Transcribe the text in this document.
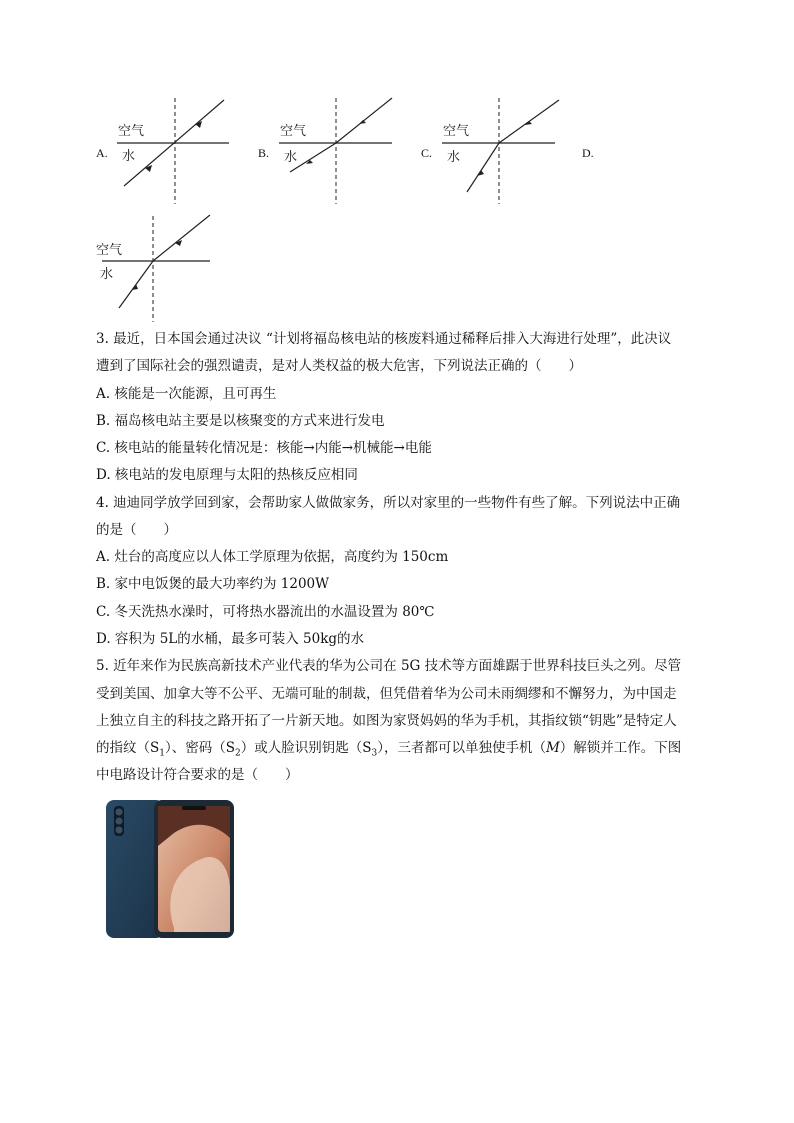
A.
空气
水	B.
空气
水	C.
空气
水	D.
空气
水
3. 最近，日本国会通过决议 “计划将福岛核电站的核废料通过稀释后排入大海进行处理”，此决议
遭到了国际社会的强烈谴责，是对人类权益的极大危害，下列说法正确的（　　）
A. 核能是一次能源，且可再生
B. 福岛核电站主要是以核聚变的方式来进行发电
C. 核电站的能量转化情况是：核能→内能→机械能→电能
D. 核电站的发电原理与太阳的热核反应相同
4. 迪迪同学放学回到家，会帮助家人做做家务，所以对家里的一些物件有些了解。下列说法中正确
的是（　　）
A. 灶台的高度应以人体工学原理为依据，高度约为 150cm
B. 家中电饭煲的最大功率约为 1200W
C. 冬天洗热水澡时，可将热水器流出的水温设置为 80℃
D. 容积为 5L的水桶，最多可装入 50kg的水
5. 近年来作为民族高新技术产业代表的华为公司在 5G 技术等方面雄踞于世界科技巨头之列。尽管
受到美国、加拿大等不公平、无端可耻的制裁，但凭借着华为公司未雨绸缪和不懈努力，为中国走
上独立自主的科技之路开拓了一片新天地。如图为家贤妈妈的华为手机，其指纹锁“钥匙”是特定人
的指纹$(S_1)$、密码$(S_2)$或人脸识别钥匙$(S_3)$，三者都可以单独使手机（M）解锁并工作。下图
中电路设计符合要求的是（　　）
